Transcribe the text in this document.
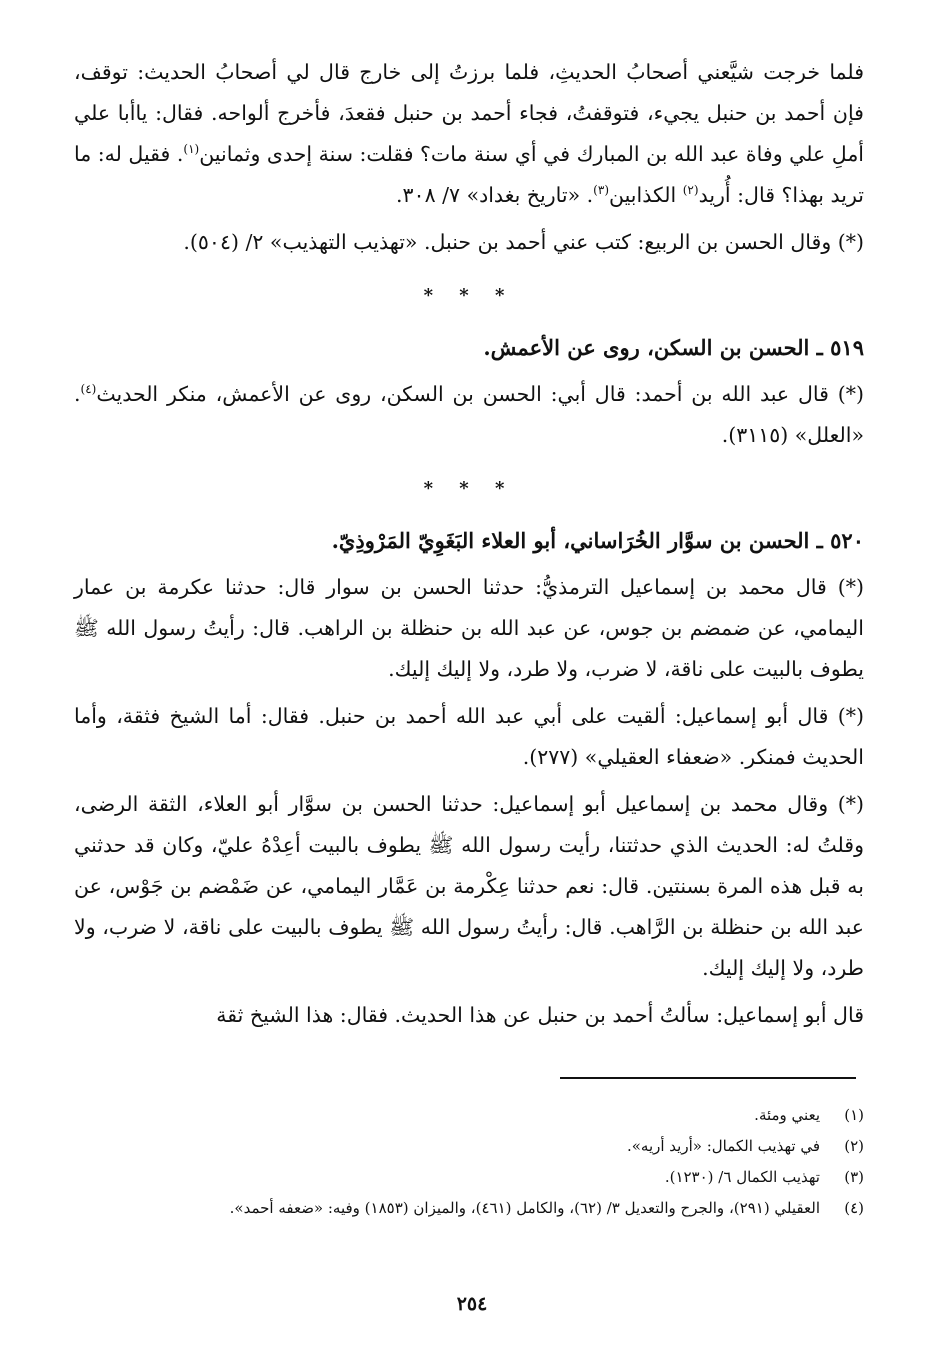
فلما خرجت شيَّعني أصحابُ الحديثِ، فلما برزتُ إلى خارج قال لي أصحابُ الحديث: توقف، فإن أحمد بن حنبل يجيء، فتوقفتُ، فجاء أحمد بن حنبل فقعدَ، فأخرج ألواحه. فقال: ياأبا علي أملِ علي وفاة عبد الله بن المبارك في أي سنة مات؟ فقلت: سنة إحدى وثمانين$^{(١)}$. فقيل له: ما تريد بهذا؟ قال: أُريد$^{(٢)}$ الكذابين$^{(٣)}$. «تاريخ بغداد» ٧/ ٣٠٨.

(*) وقال الحسن بن الربيع: كتب عني أحمد بن حنبل. «تهذيب التهذيب» ٢/ (٥٠٤).

* * *

٥١٩ ـ الحسن بن السكن، روى عن الأعمش.

(*) قال عبد الله بن أحمد: قال أبي: الحسن بن السكن، روى عن الأعمش، منكر الحديث$^{(٤)}$. «العلل» (٣١١٥).

* * *

٥٢٠ ـ الحسن بن سوَّار الخُرَاساني، أبو العلاء البَغَوِيّ المَرْوذِيّ.

(*) قال محمد بن إسماعيل الترمذيُّ: حدثنا الحسن بن سوار قال: حدثنا عكرمة بن عمار اليمامي، عن ضمضم بن جوس، عن عبد الله بن حنظلة بن الراهب. قال: رأيتُ رسول الله ﷺ يطوف بالبيت على ناقة، لا ضرب، ولا طرد، ولا إليك إليك.

(*) قال أبو إسماعيل: ألقيت على أبي عبد الله أحمد بن حنبل. فقال: أما الشيخ فثقة، وأما الحديث فمنكر. «ضعفاء العقيلي» (٢٧٧).

(*) وقال محمد بن إسماعيل أبو إسماعيل: حدثنا الحسن بن سوَّار أبو العلاء، الثقة الرضى، وقلتُ له: الحديث الذي حدثتنا، رأيت رسول الله ﷺ يطوف بالبيت أعِدْهُ عليّ، وكان قد حدثني به قبل هذه المرة بسنتين. قال: نعم حدثنا عِكْرمة بن عَمَّار اليمامي، عن ضَمْضم بن جَوْس، عن عبد الله بن حنظلة بن الرَّاهب. قال: رأيتُ رسول الله ﷺ يطوف بالبيت على ناقة، لا ضرب، ولا طرد، ولا إليك إليك.

قال أبو إسماعيل: سألتُ أحمد بن حنبل عن هذا الحديث. فقال: هذا الشيخ ثقة

(١)
يعني ومئة.
(٢)
في تهذيب الكمال: «أريد أريه».
(٣)
تهذيب الكمال ٦/ (١٢٣٠).
(٤)
العقيلي (٢٩١)، والجرح والتعديل ٣/ (٦٢)، والكامل (٤٦١)، والميزان (١٨٥٣) وفيه: «ضعفه أحمد».
٢٥٤
